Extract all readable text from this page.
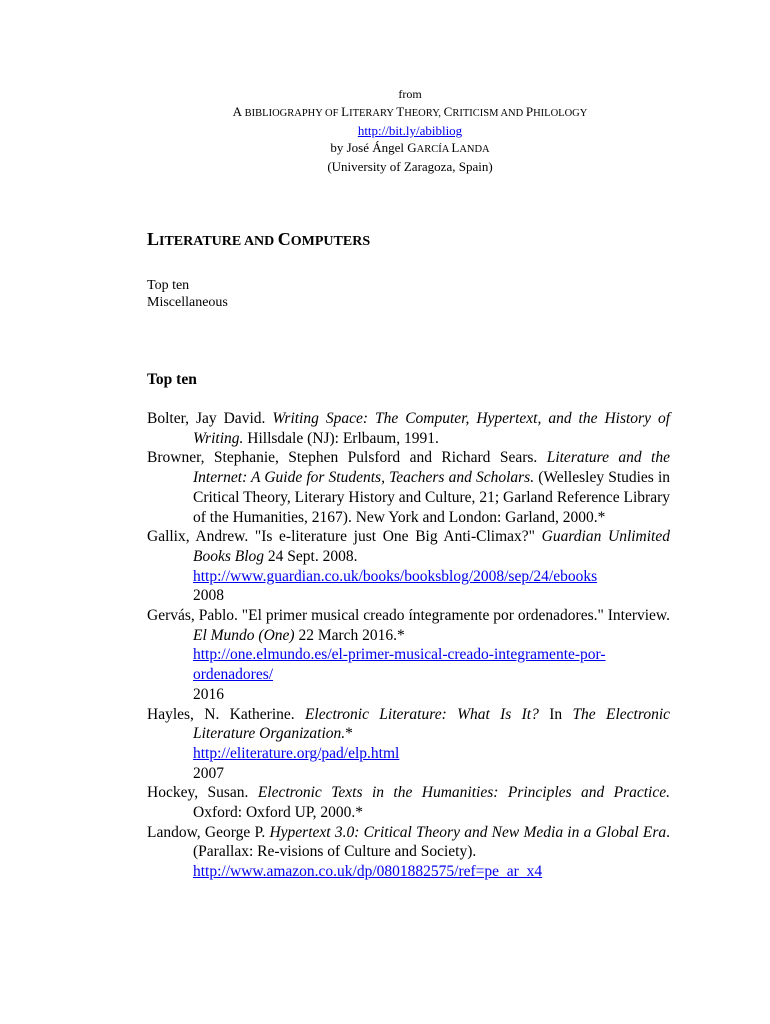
from
A BIBLIOGRAPHY OF LITERARY THEORY, CRITICISM AND PHILOLOGY
http://bit.ly/abibliog
by José Ángel GARCÍA LANDA
(University of Zaragoza, Spain)
LITERATURE AND COMPUTERS
Top ten
Miscellaneous
Top ten

Bolter, Jay David. Writing Space: The Computer, Hypertext, and the History of Writing. Hillsdale (NJ): Erlbaum, 1991.

Browner, Stephanie, Stephen Pulsford and Richard Sears. Literature and the Internet: A Guide for Students, Teachers and Scholars. (Wellesley Studies in Critical Theory, Literary History and Culture, 21; Garland Reference Library of the Humanities, 2167). New York and London: Garland, 2000.*

Gallix, Andrew. "Is e-literature just One Big Anti-Climax?" Guardian Unlimited Books Blog 24 Sept. 2008.
http://www.guardian.co.uk/books/booksblog/2008/sep/24/ebooks
2008

Gervás, Pablo. "El primer musical creado íntegramente por ordenadores." Interview. El Mundo (One) 22 March 2016.*
http://one.elmundo.es/el-primer-musical-creado-integramente-por-ordenadores/
2016

Hayles, N. Katherine. Electronic Literature: What Is It? In The Electronic Literature Organization.*
http://eliterature.org/pad/elp.html
2007

Hockey, Susan. Electronic Texts in the Humanities: Principles and Practice. Oxford: Oxford UP, 2000.*

Landow, George P. Hypertext 3.0: Critical Theory and New Media in a Global Era. (Parallax: Re-visions of Culture and Society).
http://www.amazon.co.uk/dp/0801882575/ref=pe_ar_x4
